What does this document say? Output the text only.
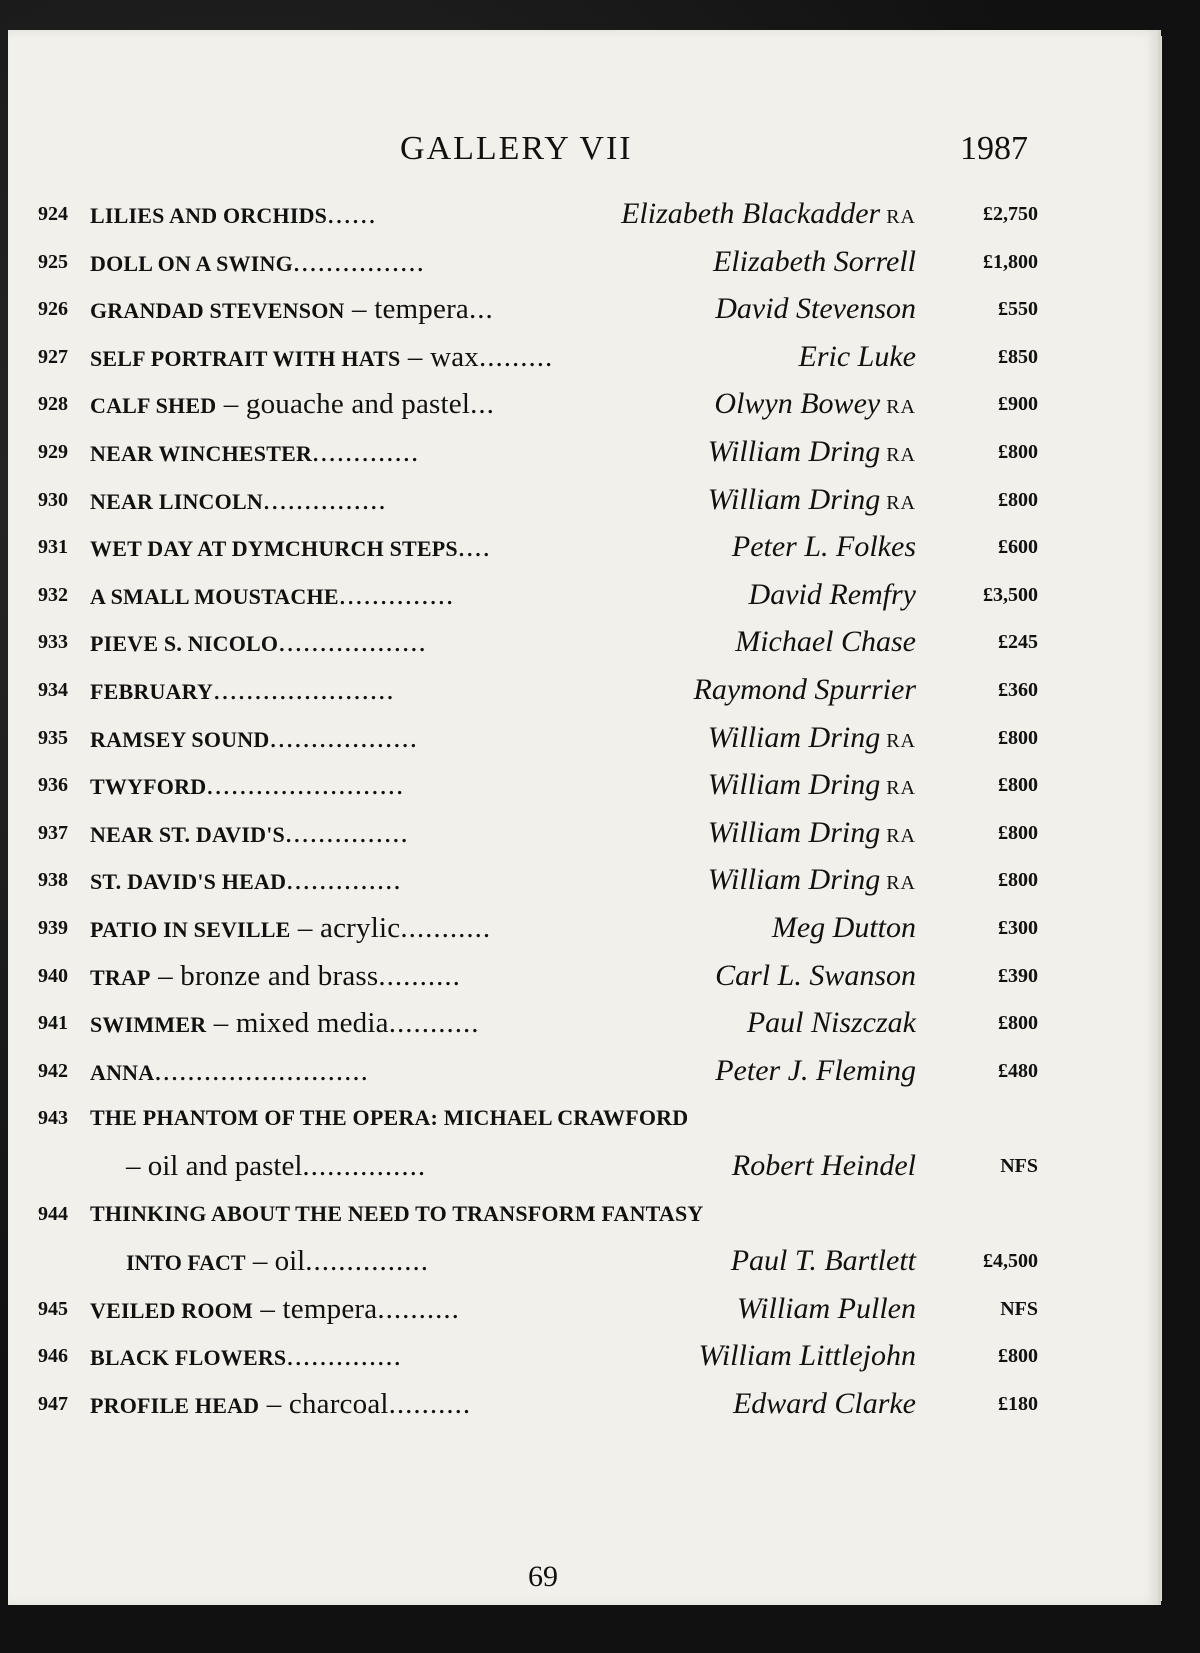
GALLERY VII	1987
924 LILIES AND ORCHIDS......	Elizabeth Blackadder RA	£2,750
925 DOLL ON A SWING................	Elizabeth Sorrell	£1,800
926 GRANDAD STEVENSON – tempera...	David Stevenson	£550
927 SELF PORTRAIT WITH HATS – wax.........	Eric Luke	£850
928 CALF SHED – gouache and pastel...	Olwyn Bowey RA	£900
929 NEAR WINCHESTER.............	William Dring RA	£800
930 NEAR LINCOLN...............	William Dring RA	£800
931 WET DAY AT DYMCHURCH STEPS....	Peter L. Folkes	£600
932 A SMALL MOUSTACHE..............	David Remfry	£3,500
933 PIEVE S. NICOLO..................	Michael Chase	£245
934 FEBRUARY......................	Raymond Spurrier	£360
935 RAMSEY SOUND..................	William Dring RA	£800
936 TWYFORD........................	William Dring RA	£800
937 NEAR ST. DAVID'S...............	William Dring RA	£800
938 ST. DAVID'S HEAD..............	William Dring RA	£800
939 PATIO IN SEVILLE – acrylic...........	Meg Dutton	£300
940 TRAP – bronze and brass..........	Carl L. Swanson	£390
941 SWIMMER – mixed media...........	Paul Niszczak	£800
942 ANNA..........................	Peter J. Fleming	£480
943 THE PHANTOM OF THE OPERA: MICHAEL CRAWFORD
– oil and pastel...............	Robert Heindel	NFS
944 THINKING ABOUT THE NEED TO TRANSFORM FANTASY
INTO FACT – oil...............	Paul T. Bartlett	£4,500
945 VEILED ROOM – tempera..........	William Pullen	NFS
946 BLACK FLOWERS..............	William Littlejohn	£800
947 PROFILE HEAD – charcoal..........	Edward Clarke	£180
69
